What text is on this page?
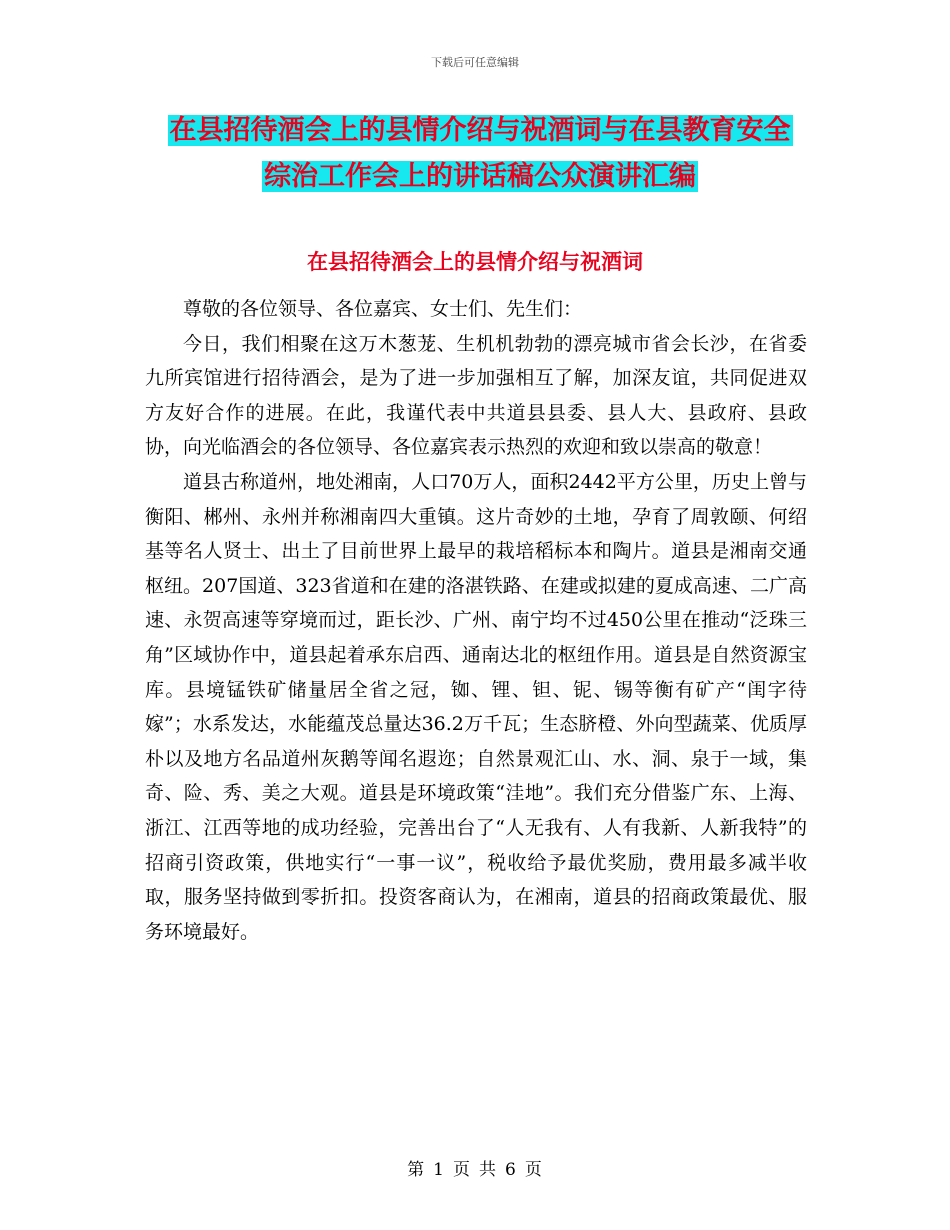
下载后可任意编辑
在县招待酒会上的县情介绍与祝酒词与在县教育安全
综治工作会上的讲话稿公众演讲汇编
在县招待酒会上的县情介绍与祝酒词

尊敬的各位领导、各位嘉宾、女士们、先生们：

今日，我们相聚在这万木葱茏、生机机勃勃的漂亮城市省会长沙，在省委九所宾馆进行招待酒会，是为了进一步加强相互了解，加深友谊，共同促进双方友好合作的进展。在此，我谨代表中共道县县委、县人大、县政府、县政协，向光临酒会的各位领导、各位嘉宾表示热烈的欢迎和致以崇高的敬意！

道县古称道州，地处湘南，人口70万人，面积2442平方公里，历史上曾与衡阳、郴州、永州并称湘南四大重镇。这片奇妙的土地，孕育了周敦颐、何绍基等名人贤士、出土了目前世界上最早的栽培稻标本和陶片。道县是湘南交通枢纽。207国道、323省道和在建的洛湛铁路、在建或拟建的夏成高速、二广高速、永贺高速等穿境而过，距长沙、广州、南宁均不过450公里在推动“泛珠三角”区域协作中，道县起着承东启西、通南达北的枢纽作用。道县是自然资源宝库。县境锰铁矿储量居全省之冠，铷、锂、钽、铌、锡等衡有矿产“闺字待嫁”；水系发达，水能蕴茂总量达36.2万千瓦；生态脐橙、外向型蔬菜、优质厚朴以及地方名品道州灰鹅等闻名遐迩；自然景观汇山、水、洞、泉于一域，集奇、险、秀、美之大观。道县是环境政策“洼地”。我们充分借鉴广东、上海、浙江、江西等地的成功经验，完善出台了“人无我有、人有我新、人新我特”的招商引资政策，供地实行“一事一议”，税收给予最优奖励，费用最多减半收取，服务坚持做到零折扣。投资客商认为，在湘南，道县的招商政策最优、服务环境最好。

第 1 页 共 6 页
